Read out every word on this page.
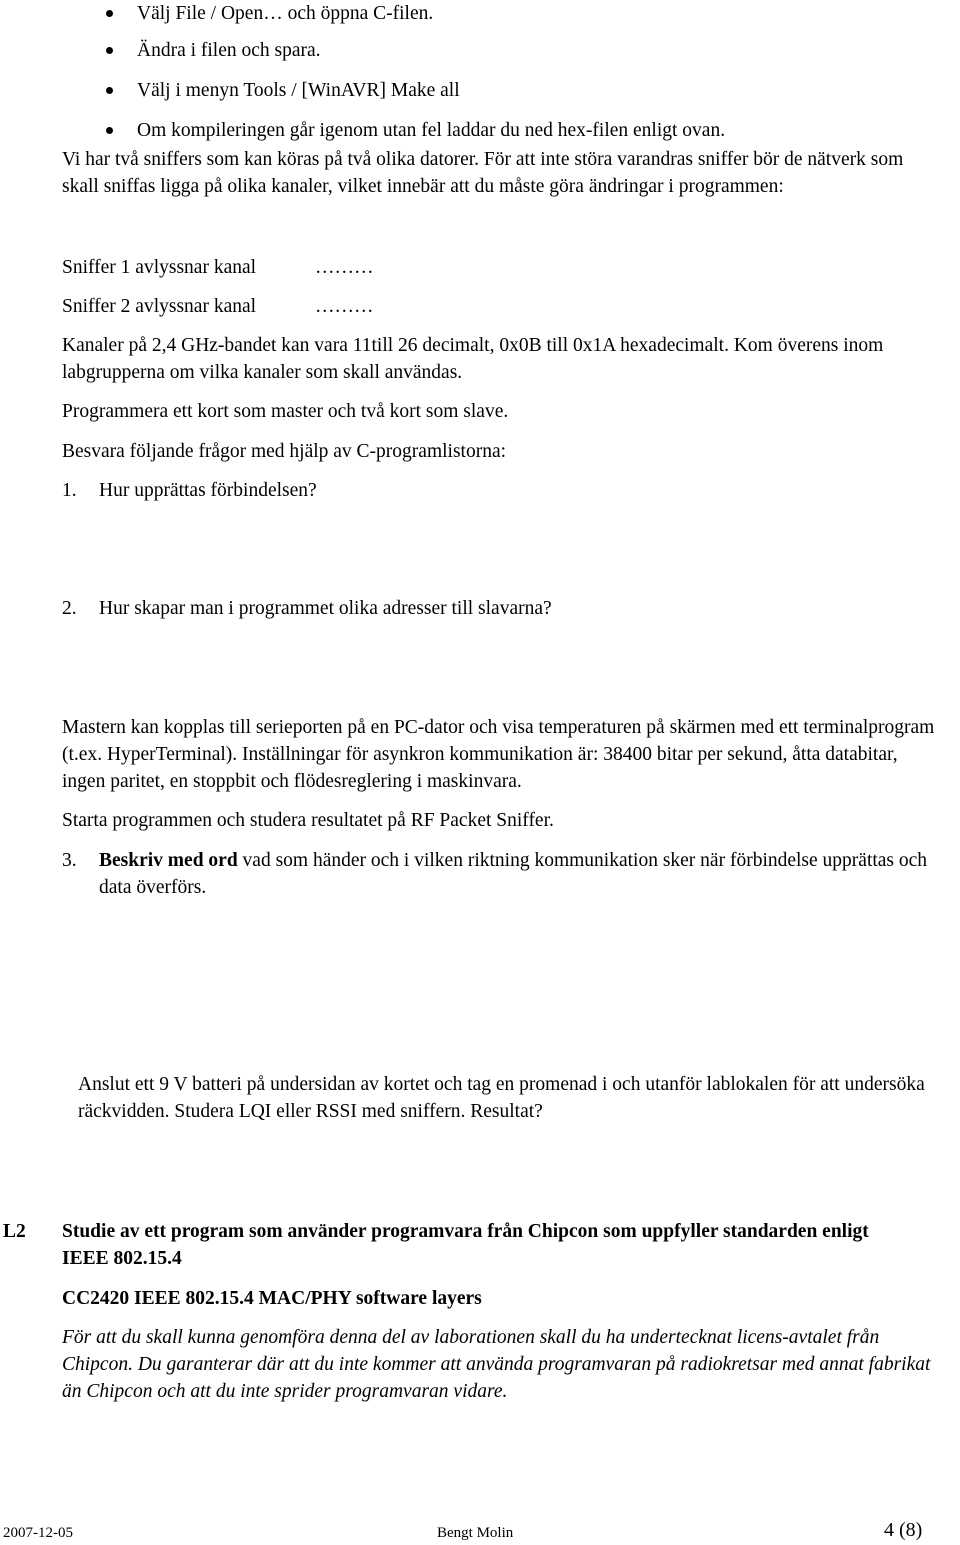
Välj File / Open… och öppna C-filen.
Ändra i filen och spara.
Välj i menyn Tools / [WinAVR] Make all
Om kompileringen går igenom utan fel laddar du ned hex-filen enligt ovan.
Vi har två sniffers som kan köras på två olika datorer. För att inte störa varandras sniffer bör de nätverk som skall sniffas ligga på olika kanaler, vilket innebär att du måste göra ändringar i programmen:
Sniffer 1 avlyssnar kanal	………
Sniffer 2 avlyssnar kanal	………
Kanaler på 2,4 GHz-bandet kan vara 11till 26 decimalt, 0x0B till 0x1A hexadecimalt. Kom överens inom labgrupperna om vilka kanaler som skall användas.
Programmera ett kort som master och två kort som slave.
Besvara följande frågor med hjälp av C-programlistorna:
1. Hur upprättas förbindelsen?
2. Hur skapar man i programmet olika adresser till slavarna?
Mastern kan kopplas till serieporten på en PC-dator och visa temperaturen på skärmen med ett terminalprogram (t.ex. HyperTerminal). Inställningar för asynkron kommunikation är: 38400 bitar per sekund, åtta databitar, ingen paritet, en stoppbit och flödesreglering i maskinvara.
Starta programmen och studera resultatet på RF Packet Sniffer.
3. Beskriv med ord vad som händer och i vilken riktning kommunikation sker när förbindelse upprättas och data överförs.
Anslut ett 9 V batteri på undersidan av kortet och tag en promenad i och utanför lablokalen för att undersöka räckvidden. Studera LQI eller RSSI med sniffern. Resultat?
L2 Studie av ett program som använder programvara från Chipcon som uppfyller standarden enligt IEEE 802.15.4
CC2420 IEEE 802.15.4 MAC/PHY software layers
För att du skall kunna genomföra denna del av laborationen skall du ha undertecknat licens-avtalet från Chipcon. Du garanterar där att du inte kommer att använda programvaran på radiokretsar med annat fabrikat än Chipcon och att du inte sprider programvaran vidare.
2007-12-05	Bengt Molin	4 (8)
